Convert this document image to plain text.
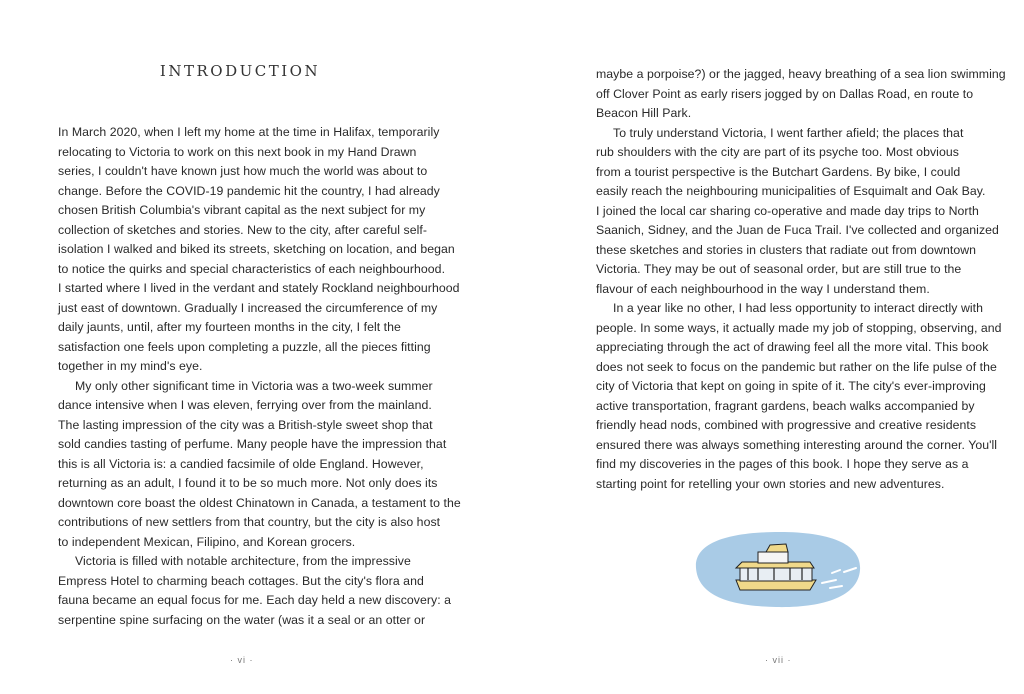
INTRODUCTION
In March 2020, when I left my home at the time in Halifax, temporarily
relocating to Victoria to work on this next book in my Hand Drawn
series, I couldn't have known just how much the world was about to
change. Before the COVID-19 pandemic hit the country, I had already
chosen British Columbia's vibrant capital as the next subject for my
collection of sketches and stories. New to the city, after careful self-
isolation I walked and biked its streets, sketching on location, and began
to notice the quirks and special characteristics of each neighbourhood.
I started where I lived in the verdant and stately Rockland neighbourhood
just east of downtown. Gradually I increased the circumference of my
daily jaunts, until, after my fourteen months in the city, I felt the
satisfaction one feels upon completing a puzzle, all the pieces fitting
together in my mind's eye.
My only other significant time in Victoria was a two-week summer
dance intensive when I was eleven, ferrying over from the mainland.
The lasting impression of the city was a British-style sweet shop that
sold candies tasting of perfume. Many people have the impression that
this is all Victoria is: a candied facsimile of olde England. However,
returning as an adult, I found it to be so much more. Not only does its
downtown core boast the oldest Chinatown in Canada, a testament to the
contributions of new settlers from that country, but the city is also host
to independent Mexican, Filipino, and Korean grocers.
Victoria is filled with notable architecture, from the impressive
Empress Hotel to charming beach cottages. But the city's flora and
fauna became an equal focus for me. Each day held a new discovery: a
serpentine spine surfacing on the water (was it a seal or an otter or
· vi ·
maybe a porpoise?) or the jagged, heavy breathing of a sea lion swimming
off Clover Point as early risers jogged by on Dallas Road, en route to
Beacon Hill Park.
To truly understand Victoria, I went farther afield; the places that
rub shoulders with the city are part of its psyche too. Most obvious
from a tourist perspective is the Butchart Gardens. By bike, I could
easily reach the neighbouring municipalities of Esquimalt and Oak Bay.
I joined the local car sharing co-operative and made day trips to North
Saanich, Sidney, and the Juan de Fuca Trail. I've collected and organized
these sketches and stories in clusters that radiate out from downtown
Victoria. They may be out of seasonal order, but are still true to the
flavour of each neighbourhood in the way I understand them.
In a year like no other, I had less opportunity to interact directly with
people. In some ways, it actually made my job of stopping, observing, and
appreciating through the act of drawing feel all the more vital. This book
does not seek to focus on the pandemic but rather on the life pulse of the
city of Victoria that kept on going in spite of it. The city's ever-improving
active transportation, fragrant gardens, beach walks accompanied by
friendly head nods, combined with progressive and creative residents
ensured there was always something interesting around the corner. You'll
find my discoveries in the pages of this book. I hope they serve as a
starting point for retelling your own stories and new adventures.
· vii ·
